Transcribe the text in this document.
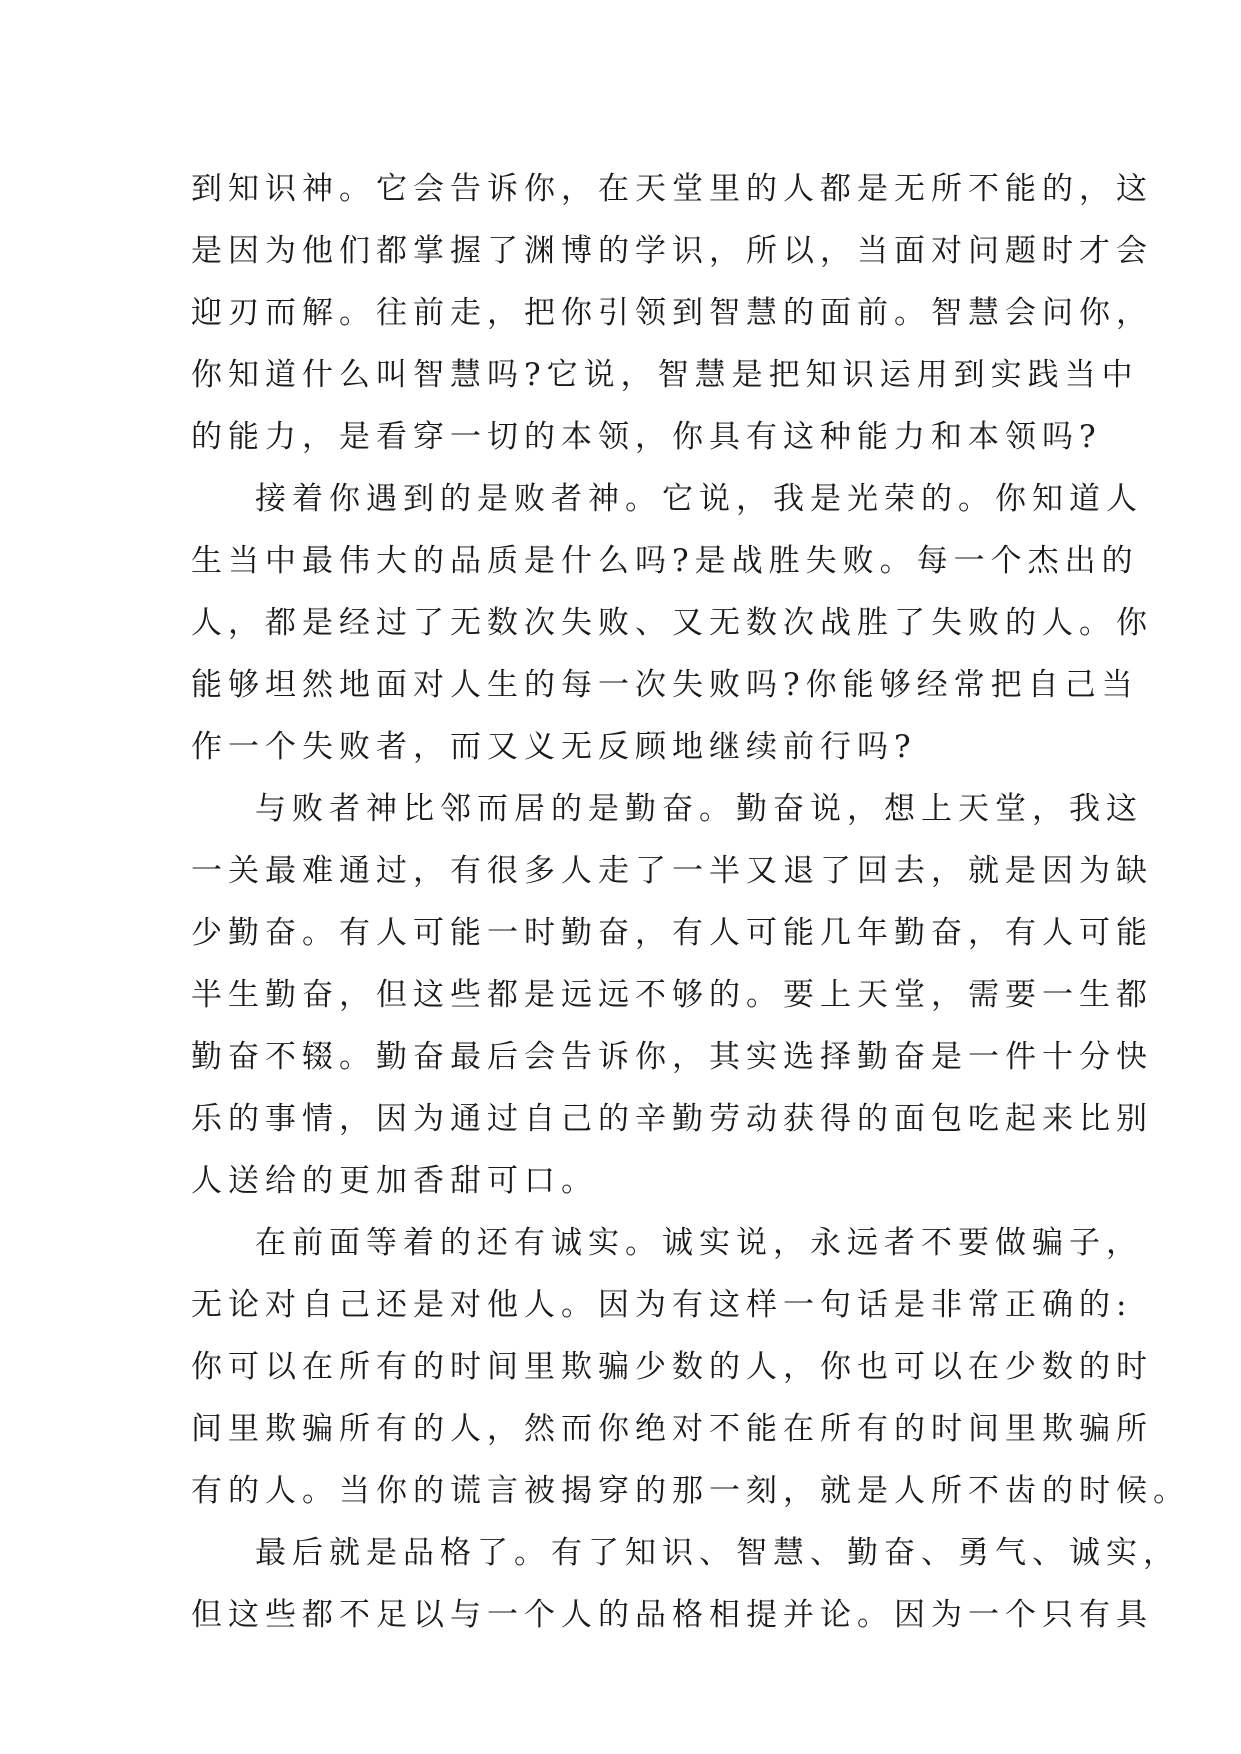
到知识神。它会告诉你，在天堂里的人都是无所不能的，这
是因为他们都掌握了渊博的学识，所以，当面对问题时才会
迎刃而解。往前走，把你引领到智慧的面前。智慧会问你，
你知道什么叫智慧吗?它说，智慧是把知识运用到实践当中
的能力，是看穿一切的本领，你具有这种能力和本领吗?
接着你遇到的是败者神。它说，我是光荣的。你知道人
生当中最伟大的品质是什么吗?是战胜失败。每一个杰出的
人，都是经过了无数次失败、又无数次战胜了失败的人。你
能够坦然地面对人生的每一次失败吗?你能够经常把自己当
作一个失败者，而又义无反顾地继续前行吗?
与败者神比邻而居的是勤奋。勤奋说，想上天堂，我这
一关最难通过，有很多人走了一半又退了回去，就是因为缺
少勤奋。有人可能一时勤奋，有人可能几年勤奋，有人可能
半生勤奋，但这些都是远远不够的。要上天堂，需要一生都
勤奋不辍。勤奋最后会告诉你，其实选择勤奋是一件十分快
乐的事情，因为通过自己的辛勤劳动获得的面包吃起来比别
人送给的更加香甜可口。
在前面等着的还有诚实。诚实说，永远者不要做骗子，
无论对自己还是对他人。因为有这样一句话是非常正确的:
你可以在所有的时间里欺骗少数的人，你也可以在少数的时
间里欺骗所有的人，然而你绝对不能在所有的时间里欺骗所
有的人。当你的谎言被揭穿的那一刻，就是人所不齿的时候。
最后就是品格了。有了知识、智慧、勤奋、勇气、诚实，
但这些都不足以与一个人的品格相提并论。因为一个只有具
